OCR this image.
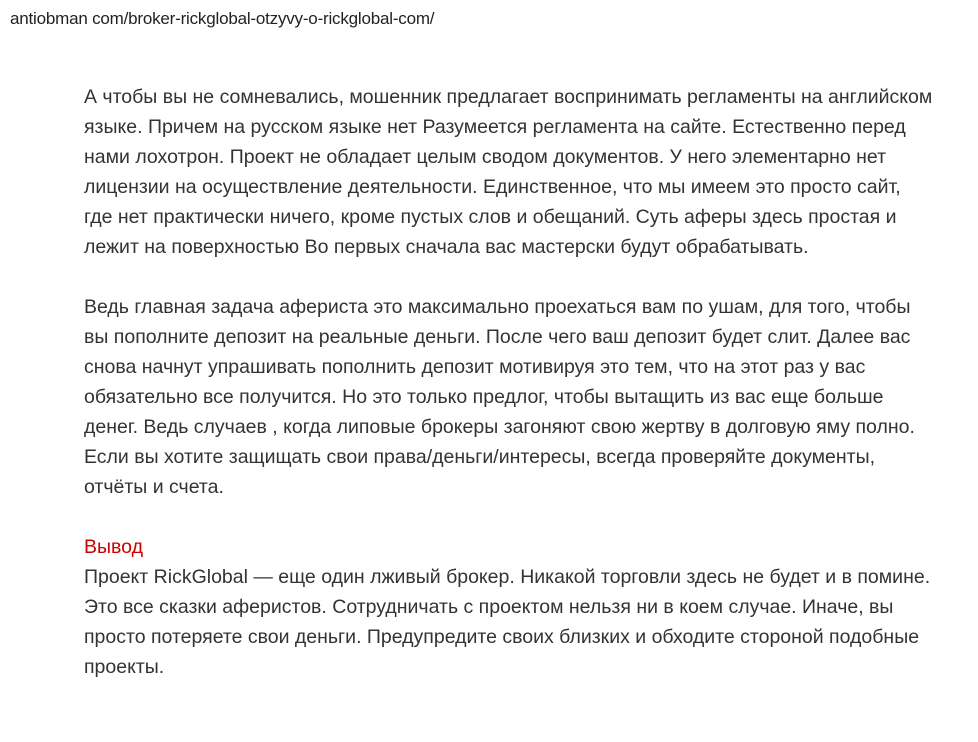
antiobman com/broker-rickglobal-otzyvy-o-rickglobal-com/

А чтобы вы не сомневались, мошенник предлагает воспринимать регламенты на английском языке. Причем на русском языке нет Разумеется регламента на сайте. Естественно перед нами лохотрон. Проект не обладает целым сводом документов. У него элементарно нет лицензии на осуществление деятельности. Единственное, что мы имеем это просто сайт, где нет практически ничего, кроме пустых слов и обещаний. Суть аферы здесь простая и лежит на поверхностью Во первых сначала вас мастерски будут обрабатывать.

Ведь главная задача афериста это максимально проехаться вам по ушам, для того, чтобы вы пополните депозит на реальные деньги. После чего ваш депозит будет слит. Далее вас снова начнут упрашивать пополнить депозит мотивируя это тем, что на этот раз у вас обязательно все получится. Но это только предлог, чтобы вытащить из вас еще больше денег. Ведь случаев , когда липовые брокеры загоняют свою жертву в долговую яму полно. Если вы хотите защищать свои права/деньги/интересы, всегда проверяйте документы, отчёты и счета.

Вывод

Проект RickGlobal — еще один лживый брокер. Никакой торговли здесь не будет и в помине. Это все сказки аферистов. Сотрудничать с проектом нельзя ни в коем случае. Иначе, вы просто потеряете свои деньги. Предупредите своих близких и обходите стороной подобные проекты.
